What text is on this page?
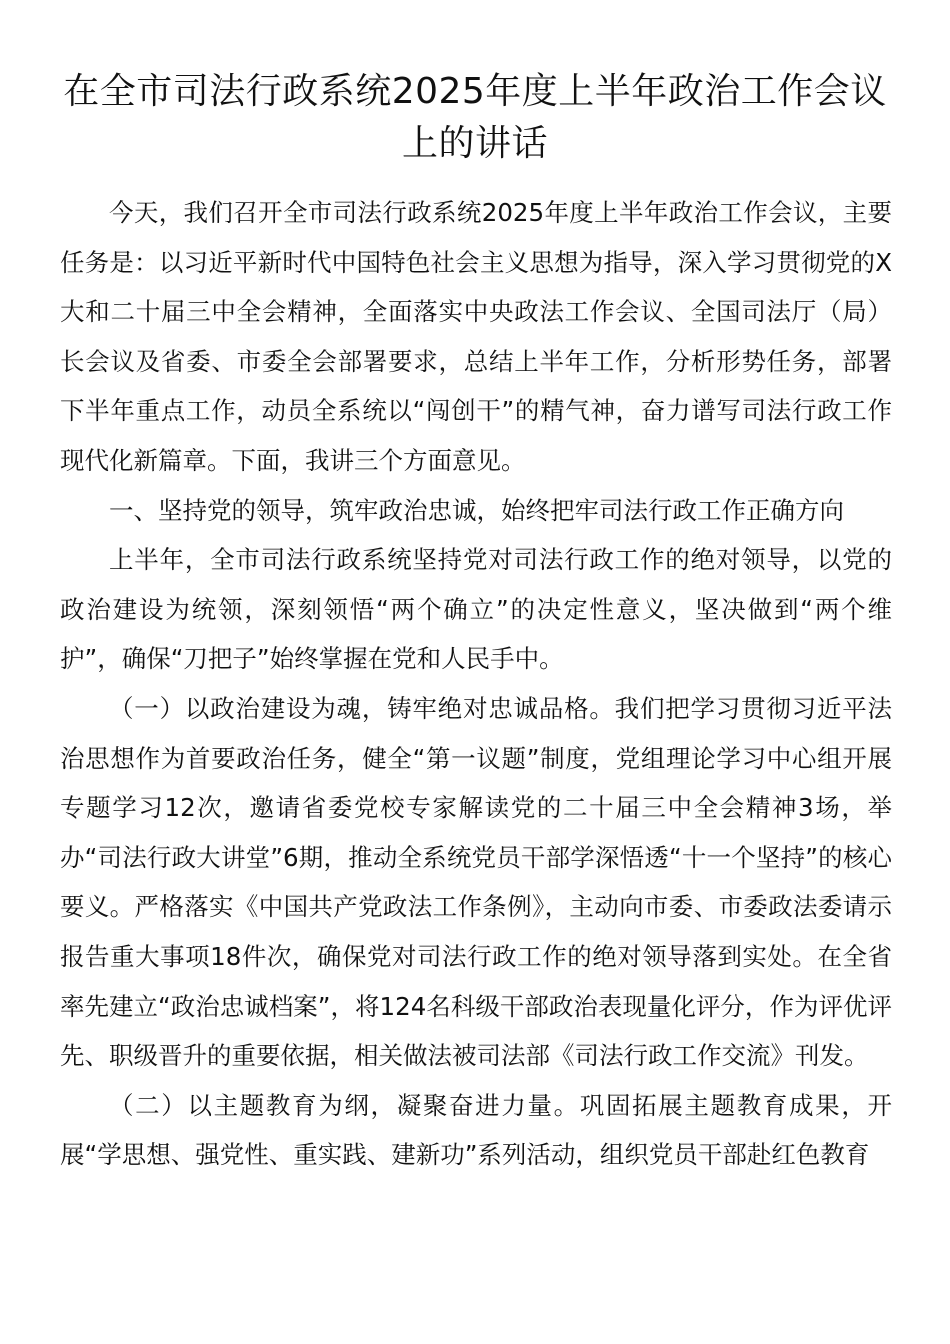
在全市司法行政系统2025年度上半年政治工作会议上的讲话

今天，我们召开全市司法行政系统2025年度上半年政治工作会议，主要任务是：以习近平新时代中国特色社会主义思想为指导，深入学习贯彻党的X大和二十届三中全会精神，全面落实中央政法工作会议、全国司法厅（局）长会议及省委、市委全会部署要求，总结上半年工作，分析形势任务，部署下半年重点工作，动员全系统以“闯创干”的精气神，奋力谱写司法行政工作现代化新篇章。下面，我讲三个方面意见。

一、坚持党的领导，筑牢政治忠诚，始终把牢司法行政工作正确方向

上半年，全市司法行政系统坚持党对司法行政工作的绝对领导，以党的政治建设为统领，深刻领悟“两个确立”的决定性意义，坚决做到“两个维护”，确保“刀把子”始终掌握在党和人民手中。

（一）以政治建设为魂，铸牢绝对忠诚品格。我们把学习贯彻习近平法治思想作为首要政治任务，健全“第一议题”制度，党组理论学习中心组开展专题学习12次，邀请省委党校专家解读党的二十届三中全会精神3场，举办“司法行政大讲堂”6期，推动全系统党员干部学深悟透“十一个坚持”的核心要义。严格落实《中国共产党政法工作条例》，主动向市委、市委政法委请示报告重大事项18件次，确保党对司法行政工作的绝对领导落到实处。在全省率先建立“政治忠诚档案”，将124名科级干部政治表现量化评分，作为评优评先、职级晋升的重要依据，相关做法被司法部《司法行政工作交流》刊发。

（二）以主题教育为纲，凝聚奋进力量。巩固拓展主题教育成果，开展“学思想、强党性、重实践、建新功”系列活动，组织党员干部赴红色教育
